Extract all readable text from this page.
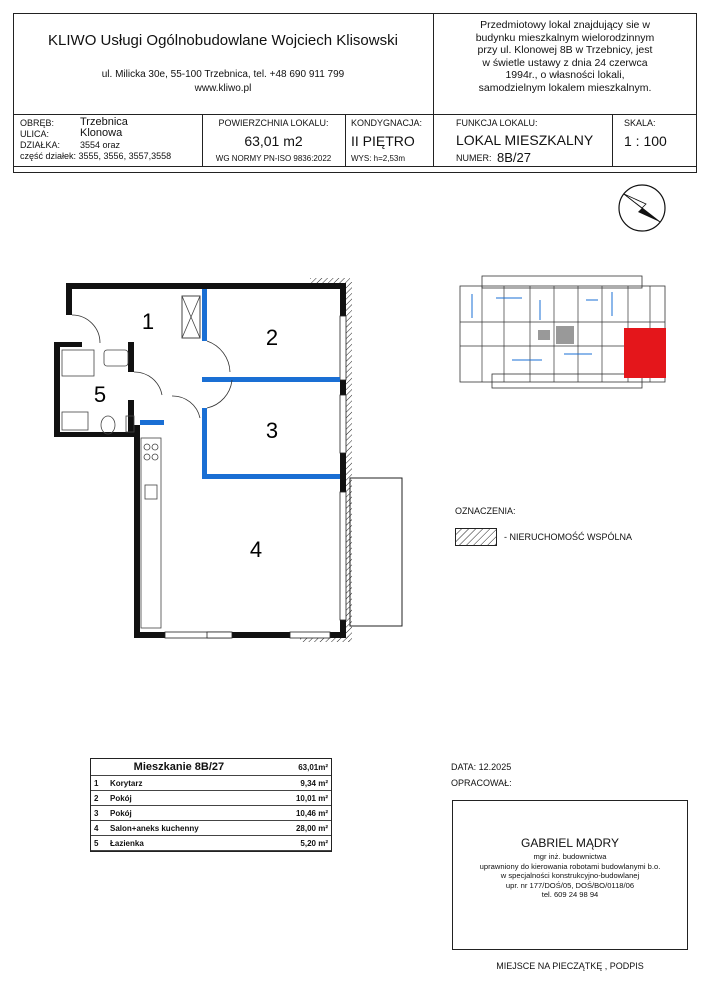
KLIWO Usługi Ogólnobudowlane Wojciech Klisowski
ul. Milicka 30e, 55-100 Trzebnica, tel. +48 690 911 799
www.kliwo.pl
Przedmiotowy lokal znajdujący sie w
budynku mieszkalnym wielorodzinnym
przy ul. Klonowej 8B w Trzebnicy, jest
w świetle ustawy z dnia 24 czerwca
1994r., o własności lokali,
samodzielnym lokalem mieszkalnym.
OBRĘB: Trzebnica
ULICA:	Klonowa
DZIAŁKA: 3554 oraz
część działek: 3555, 3556, 3557,3558
POWIERZCHNIA LOKALU:
63,01 m2
WG NORMY PN-ISO 9836:2022
KONDYGNACJA:
II PIĘTRO
WYS: h=2,53m
FUNKCJA LOKALU:
LOKAL MIESZKALNY
NUMER: 8B/27
SKALA:
1 : 100
1
2
3
4
5
OZNACZENIA:
- NIERUCHOMOŚĆ WSPÓLNA
Mieszkanie 8B/27		63,01m²
1	Korytarz	9,34 m²
2	Pokój	10,01 m²
3	Pokój	10,46 m²
4	Salon+aneks kuchenny	28,00 m²
5	Łazienka	5,20 m²
DATA: 12.2025
OPRACOWAŁ:
GABRIEL MĄDRY
mgr inż. budownictwa
uprawniony do kierowania robotami budowlanymi b.o.
w specjalności konstrukcyjno-budowlanej
upr. nr 177/DOŚ/05, DOŚ/BO/0118/06
tel. 609 24 98 94
MIEJSCE NA PIECZĄTKĘ , PODPIS
